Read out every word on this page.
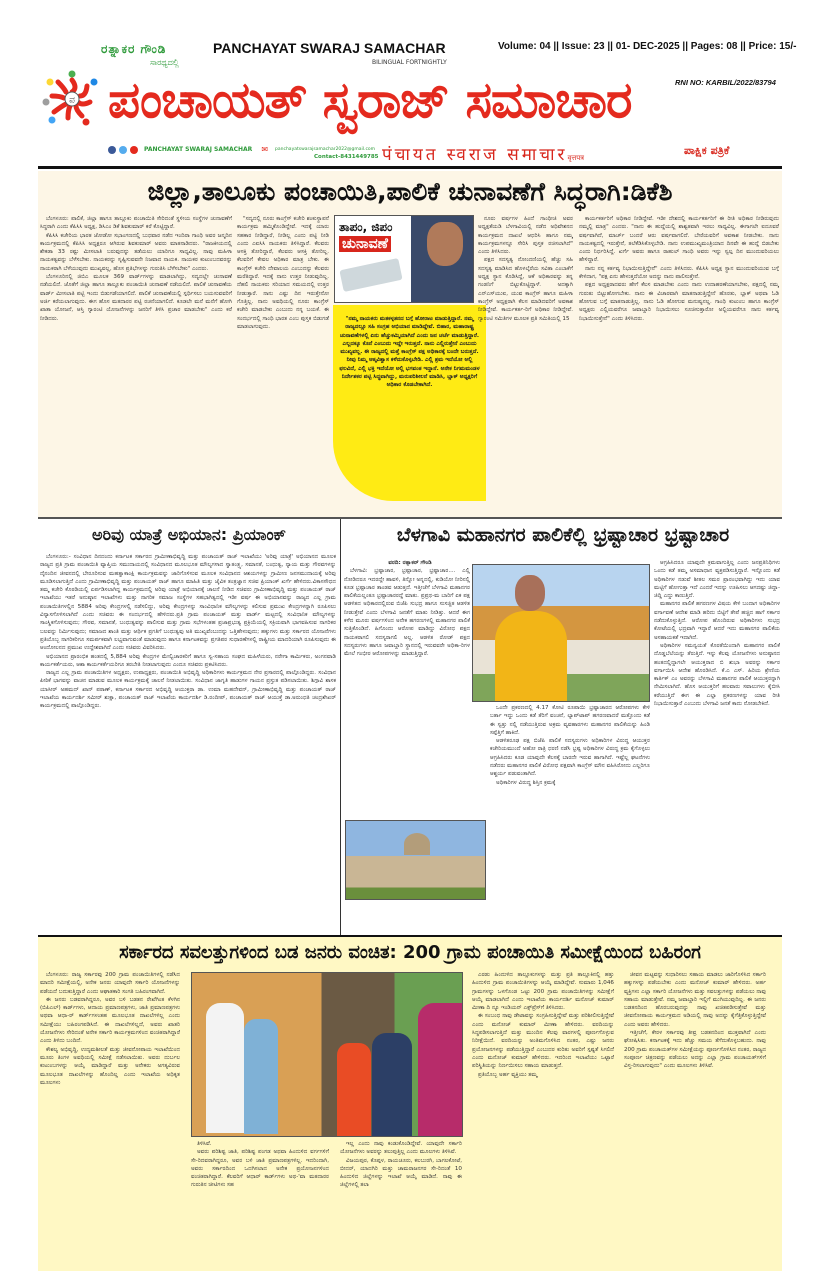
ರತ್ನಾಕರ ಗೌಂಡಿ
ಸಾರಥ್ಯದಲ್ಲಿ
PANCHAYAT SWARAJ SAMACHAR
BILINGUAL FORTNIGHTLY
Volume: 04 || Issue: 23 || 01- DEC-2025 || Pages: 08 || Price: 15/-
RNI NO: KARBIL/2022/83794
ಪ ಪಂಚಾಯತ್ ಸ್ವರಾಜ್ ಸಮಾಚಾರ
PANCHAYAT SWARAJ SAMACHAR ✉ panchayatswarajsamachar2022@gmail.com
Contact-8431449785 पंचायत स्वराज समाचारवृत्तपत्र
ಪಾಕ್ಷಿಕ ಪತ್ರಿಕೆ
ಜಿಲ್ಲಾ,ತಾಲೂಕು ಪಂಚಾಯಿತಿ,ಪಾಲಿಕೆ ಚುನಾವಣೆಗೆ ಸಿದ್ಧರಾಗಿ:ಡಿಕೆಶಿ

ಬೆಂಗಳೂರು: ಪಾಲಿಕೆ, ಜಿಲ್ಲಾ ಹಾಗೂ ತಾಲ್ಲೂಕು ಪಂಚಾಯಿತಿ ಸೇರಿದಂತೆ ಸ್ಥಳೀಯ ಸಂಸ್ಥೆಗಳ ಚುನಾವಣೆಗೆ ಸಿದ್ಧರಾಗಿ ಎಂದು ಕೆಪಿಸಿಸಿ ಅಧ್ಯಕ್ಷ, ಡಿಸಿಎಂ ಡಿಕೆ ಶಿವಕುಮಾರ್ ಕರೆ ಕೊಟ್ಟಿದ್ದಾರೆ.

ಕೆಪಿಸಿಸಿ ಕಚೇರಿಯ ಭಾರತ ಜೋಡೋ ಸಭಾಂಗಣದಲ್ಲಿ ಬುಧವಾರ ನಡೆದ ಇಂದಿರಾ ಗಾಂಧಿ ಅವರ ಜನ್ಮದಿನ ಕಾರ್ಯಕ್ರಮದಲ್ಲಿ ಕೆಪಿಸಿಸಿ ಅಧ್ಯಕ್ಷರೂ ಆಗಿರುವ ಶಿವಕುಮಾರ್ ಅವರು ಮಾತನಾಡಿದರು. "ರಾಜಕೀಯದಲ್ಲಿ ಶೇಕಡಾ 33 ರಷ್ಟು ಮೀಸಲಾತಿ ಬರುವುದನ್ನು ತಡೆಯಲು ಯಾರಿಗೂ ಸಾಧ್ಯವಿಲ್ಲ. ನಾವು ಮಹಿಳಾ ನಾಯಕತ್ವವನ್ನು ಬೆಳೆಸಬೇಕು. ನಾಯಕರನ್ನು ಸೃಷ್ಟಿಸುವವನೇ ನಿಜವಾದ ನಾಯಕ. ನಾಯಕರ ಕುಟುಂಬದವರನ್ನು ನಾಯಕರಾಗಿ ಬೆಳೆಯುವುದು ಮುಖ್ಯವಲ್ಲ, ಹೊಸ ಪ್ರತಿಭೆಗಳನ್ನು ಗುರುತಿಸಿ ಬೆಳೆಸಬೇಕು" ಎಂದರು.

ಬೆಂಗಳೂರಿನಲ್ಲಿ ಜಿಬಿಎ ಮೂಲಕ 369 ವಾರ್ಡ್‌ಗಳನ್ನು ಮಾಡಲಾಗಿದ್ದು, ಸದ್ಯದಲ್ಲೇ ಚುನಾವಣೆ ನಡೆಯಲಿದೆ. ಜೊತೆಗೆ ಜಿಲ್ಲಾ ಹಾಗೂ ತಾಲ್ಲೂಕು ಪಂಚಾಯಿತಿ ಚುನಾವಣೆ ನಡೆಯಲಿದೆ. ಪಾಲಿಕೆ ಚುನಾವಣೆಯ ವಾರ್ಡ್ ಮೀಸಲಾತಿ ಪಟ್ಟಿ ಇಂದು ಬಿಡುಗಡೆಯಾಗಲಿದೆ. ಪಾಲಿಕೆ ಚುನಾವಣೆಯಲ್ಲಿ ಸ್ಪರ್ಧಿಸಲು ಬಯಸುವವರಿಗೆ ಅರ್ಜಿ ಕರೆಯಲಾಗುವುದು. ಈಗ ಹೊಸ ಮತದಾರರ ಪಟ್ಟಿ ರಚನೆಯಾಗಲಿದೆ. ಕೂಡಲೇ ಮನೆ ಮನೆಗೆ ಹೋಗಿ ಖಾತಾ ಯೋಜನೆ, ಆಸ್ತಿ ಗ್ಯಾರಂಟಿ ಯೋಜನೆಗಳನ್ನು ಜನರಿಗೆ ತಿಳಿಸಿ ಪ್ರಚಾರ ಮಾಡಬೇಕು" ಎಂದು ಕರೆ ನೀಡಿದರು.

"ಸದ್ಯದಲ್ಲಿ ನೂರು ಕಾಂಗ್ರೆಸ್ ಕಚೇರಿ ಶಂಕುಸ್ಥಾಪನೆ ಕಾರ್ಯಕ್ರಮ ಹಮ್ಮಿಕೊಂಡಿದ್ದೇವೆ. ಇದಕ್ಕೆ ಯಾರು ಸಹಕಾರ ನೀಡಿದ್ದಾರೆ, ನೀಡಿಲ್ಲ ಎಂದು ಪಟ್ಟಿ ನೀಡಿ ಎಂದು ಎಐಸಿಸಿ ನಾಯಕರು ತಿಳಿಸಿದ್ದಾರೆ. ಕೆಲವರು ಆಸಕ್ತಿ ತೋರಿದ್ದಾರೆ, ಕೆಲವರು ಆಸಕ್ತಿ ತೋರಿಲ್ಲ. ಕೆಲವರಿಗೆ ಕೇವಲ ಅಧಿಕಾರ ಮಾತ್ರ ಬೇಕು. ಈ ಕಾಂಗ್ರೆಸ್ ಕಚೇರಿ ದೇವಾಲಯ ಎಂಬುದನ್ನು ಕೆಲವರು ಮರೆತಿದ್ದಾರೆ. ಇದಕ್ಕೆ ನಾನು ಉತ್ತರ ನೀಡುವುದಿಲ್ಲ. ದೆಹಲಿ ನಾಯಕರು ಸರಿಯಾದ ಸಮಯದಲ್ಲಿ ಉತ್ತರ ನೀಡುತ್ತಾರೆ. ನಾನು ಎಷ್ಟು ದಿನ ಇರುತ್ತೇನೋ ಗೊತ್ತಿಲ್ಲ. ನಾನು ಅವಧಿಯಲ್ಲಿ ನೂರು ಕಾಂಗ್ರೆಸ್ ಕಚೇರಿ ಮಾಡಬೇಕು ಎಂಬುದು ನನ್ನ ಬಯಕೆ. ಈ ಸಂದರ್ಭದಲ್ಲಿ ಗಾಂಧಿ ಭಾರತ ಎಂಬ ಪುಸ್ತಕ ಬಿಡುಗಡೆ ಮಾಡಲಾಗುವುದು.

ತಾಪಂ, ಜಿಪಂ
ಚುನಾವಣೆ
"ನಮ್ಮ ನಾಯಕರು ಮತಕಳ್ಳತನದ ಬಗ್ಗೆ ಹೋರಾಟ ಮಾಡುತ್ತಿದ್ದಾರೆ. ನಮ್ಮ ರಾಜ್ಯದಲ್ಲೂ ಸಹಿ ಸಂಗ್ರಹ ಅಭಿಯಾನ ಮಾಡಿದ್ದೇವೆ. ಬಿಹಾರ, ಮಹಾರಾಷ್ಟ್ರ ಚುನಾವಣೆಗಳಲ್ಲಿ ಏನು ಹೆಚ್ಚುಕಮ್ಮಿಯಾಗಿದೆ ಎಂದು ಜನ ಚರ್ಚೆ ಮಾಡುತ್ತಿದ್ದಾರೆ. ಎಲ್ಲದಕ್ಕೂ ಕೊನೆ ಎಂಬುದು ಇದ್ದೇ ಇರುತ್ತದೆ. ನಾನು ಎಲ್ಲಿರುತ್ತೇನೆ ಎಂಬುದು ಮುಖ್ಯವಲ್ಲ. ಈ ರಾಜ್ಯದಲ್ಲಿ ಮತ್ತೆ ಕಾಂಗ್ರೆಸ್ ಪಕ್ಷ ಅಧಿಕಾರಕ್ಕೆ ಬಂದೇ ಬರುತ್ತದೆ. ನೀವು ನಿಮ್ಮ ಆತ್ಮವಿಶ್ವಾಸ ಕಳೆದುಕೊಳ್ಳಬೇಡಿ. ಎಲ್ಲಿ ಶ್ರಮ ಇದೆಯೋ ಅಲ್ಲಿ ಫಲವಿದೆ, ಎಲ್ಲಿ ಭಕ್ತಿ ಇದೆಯೋ ಅಲ್ಲಿ ಭಗವಂತ ಇದ್ದಾನೆ. ಅನೇಕ ನಿಗಮಮಂಡಳ ನಿರ್ದೇಶಕರ ಪಟ್ಟಿ ಸಿದ್ಧವಾಗಿದ್ದು, ಮರುಪರಿಶೀಲನೆ ಮಾಡಿಸಿ, ಬ್ಲಾಕ್ ಅಧ್ಯಕ್ಷರಿಗೆ ಅಧಿಕಾರ ಕೊಡಬೇಕಾಗಿದೆ.

ನೂರು ವರ್ಷಗಳ ಹಿಂದೆ ಗಾಂಧೀಜಿ ಅವರ ಅಧ್ಯಕ್ಷತೆಯಡಿ ಬೆಳಗಾವಿಯಲ್ಲಿ ನಡೆದ ಅಧಿವೇಶನದ ಕಾರ್ಯಕ್ರಮದ ದಾಖಲೆ ಆಧರಿಸಿ ಹಾಗೂ ನಮ್ಮ ಕಾರ್ಯಕ್ರಮಗಳನ್ನೂ ಸೇರಿಸಿ ಪುಸ್ತಕ ರಚಿಸಲಾಗಿದೆ" ಎಂದು ತಿಳಿಸಿದರು.

ಪಕ್ಷದ ಸದಸ್ಯತ್ವ ನೋಂದಣಿಯಲ್ಲಿ ಹೆಚ್ಚು ಸಹಿ ಸದಸ್ಯತ್ವ ಮಾಡಿಸಿದ ಹೊಳಲ್ಕೆರೆಯ ಸವಿತಾ ಎಂಬಾಕೆಗೆ ಅಧ್ಯಕ್ಷ ಸ್ಥಾನ ಕೊಡಿಸಿದ್ದೆ, ಆಕೆ ಅಧಿಕಾರವನ್ನು ತನ್ನ ಗಂಡನಿಗೆ ಬಿಟ್ಟುಕೊಟ್ಟಿದ್ದಾಳೆ. ಅದಕ್ಕಾಗಿ ಎನ್‌ಎಸ್‌ಯುಐ, ಯುವ ಕಾಂಗ್ರೆಸ್ ಹಾಗೂ ಮಹಿಳಾ ಕಾಂಗ್ರೆಸ್ ಅಧ್ಯಕ್ಷರಾಗಿ ಕೆಲಸ ಮಾಡಿದವರಿಗೆ ಅವಕಾಶ ನೀಡಿದ್ದೇವೆ. ಕಾರ್ಯಕರ್ತ-ರಿಗೆ ಅಧಿಕಾರ ನೀಡಿದ್ದೇವೆ. ಗ್ಯಾರಂಟಿ ಸಮಿತಿಗಳ ಮೂಲಕ ಪ್ರತಿ ಸಮಿತಿಯಲ್ಲಿ 15

ಕಾರ್ಯಕರ್ತರಿಗೆ ಅಧಿಕಾರ ನೀಡಿದ್ದೇವೆ. ಇಡೀ ದೇಶದಲ್ಲಿ ಕಾರ್ಯಕರ್ತರಿಗೆ ಈ ರೀತಿ ಅಧಿಕಾರ ನೀಡಿರುವುದು ನಮ್ಮಲ್ಲಿ ಮಾತ್ರ" ಎಂದರು. "ನಾನು ಈ ಹುದ್ದೆಯಲ್ಲಿ ಶಾಶ್ವತವಾಗಿ ಇರಲು ಸಾಧ್ಯವಿಲ್ಲ. ಈಗಾಗಲೇ ಐದೂವರೆ ವರ್ಷವಾಗಿದೆ, ಮಾರ್ಚ್ ಬಂದರೆ ಆರು ವರ್ಷವಾಗಲಿದೆ. ಬೇರೆಯವರಿಗೆ ಅವಕಾಶ ನೀಡಬೇಕು. ನಾನು ನಾಯಕತ್ವದಲ್ಲಿ ಇರುತ್ತೇನೆ, ತಲೆಕೆಡಿಸಿಕೊಳ್ಳಬೇಡಿ. ನಾನು ಉಪಮುಖ್ಯಮಂತ್ರಿಯಾದ ದಿನವೇ ಈ ಹುದ್ದೆ ಬಿಡಬೇಕು ಎಂದು ನಿರ್ಧರಿಸಿದ್ದೆ. ಖರ್ಗೆ ಅವರು ಹಾಗೂ ರಾಹುಲ್ ಗಾಂಧಿ ಅವರು ಇನ್ನು ಸ್ವಲ್ಪ ದಿನ ಮುಂದುವರಿಯಲು ಹೇಳಿದ್ದಾರೆ.

ನಾನು ನನ್ನ ಕರ್ತವ್ಯ ನಿಭಾಯಿಸುತ್ತಿದ್ದೇನೆ" ಎಂದು ತಿಳಿಸಿದರು. ಕೆಪಿಸಿಸಿ ಅಧ್ಯಕ್ಷ ಸ್ಥಾನ ಮುಂದುವರಿಯುವ ಬಗ್ಗೆ ಕೇಳಿದಾಗ, "ಪಕ್ಷ ಏನು ಹೇಳುತ್ತದೆಯೋ ಅದನ್ನು ನಾನು ಪಾಲಿಸುತ್ತೇನೆ.

ಪಕ್ಷದ ಅಧ್ಯಕ್ಷರಾದವರು ಹೇಗೆ ಕೆಲಸ ಮಾಡಬೇಕು ಎಂದು ನಾನು ಉದಾಹರಣೆಯಾಗಬೇಕು, ಪಕ್ಷದಲ್ಲಿ ನಮ್ಮ ಗುರುತು ಬಿಟ್ಟುಹೋಗಬೇಕು. ನಾನು ಈ ವಿಚಾರವಾಗಿ ಮಾತನಾಡುತ್ತಿದ್ದೇನೆ ಹೊರತು, ಬ್ಲಾಕ್ ಅಥವಾ ಓಡಿ ಹೋಗುವ ಬಗ್ಗೆ ಮಾತನಾಡುತ್ತಿಲ್ಲ. ನಾನು ಓಡಿ ಹೋಗುವ ಮನುಷ್ಯನಲ್ಲ. ಗಾಂಧಿ ಕುಟುಂಬ ಹಾಗೂ ಕಾಂಗ್ರೆಸ್ ಅಧ್ಯಕ್ಷರು ಎಲ್ಲಿಯವರೆಗೂ ಜವಾಬ್ದಾರಿ ನಿಭಾಯಿಸಲು ಸೂಚಿಸುತ್ತಾರೋ ಅಲ್ಲಿಯವರೆಗೂ ನಾನು ಕರ್ತವ್ಯ ನಿಭಾಯಿಸುತ್ತೇನೆ" ಎಂದು ತಿಳಿಸಿದರು.

ಅರಿವು ಯಾತ್ರೆ ಅಭಿಯಾನ: ಪ್ರಿಯಾಂಕ್

ಬೆಂಗಳೂರು:- ಸಂವಿಧಾನ ದಿನದಂದು ಕರ್ನಾಟಕ ಸರ್ಕಾರದ ಗ್ರಾಮೀಣಾಭಿವೃದ್ಧಿ ಮತ್ತು ಪಂಚಾಯತ್ ರಾಜ್ ಇಲಾಖೆಯು 'ಅರಿವು ಯಾತ್ರೆ' ಅಭಿಯಾನದ ಮೂಲಕ ರಾಜ್ಯದ ಪ್ರತಿ ಗ್ರಾಮ ಪಂಚಾಯಿತಿ ವ್ಯಾಪ್ತಿಯ ಸಮುದಾಯದಲ್ಲಿ ಸಂವಿಧಾನದ ಮೂಲಭೂತ ಮೌಲ್ಯಗಳಾದ ಸ್ವಾತಂತ್ರ್ಯ, ಸಮಾನತೆ, ಬಂಧುತ್ವ, ನ್ಯಾಯ ಮತ್ತು ಗೌರವಗಳನ್ನು ದೈನಂದಿನ ಜೀವನದಲ್ಲಿ ಬೇರೂರಿಸುವ ಮಹತ್ವಾಕಾಂಕ್ಷಿ ಕಾರ್ಯಕ್ರಮವನ್ನು ಜಾರಿಗೊಳಿಸುವ ಮೂಲಕ ಸಂವಿಧಾನದ ಆಶಯಗಳನ್ನು ಗ್ರಾಮೀಣ ಜನಸಮುದಾಯಕ್ಕೆ ಅರಿವು ಮೂಡಿಸಲಾಗುತ್ತಿದೆ ಎಂದು ಗ್ರಾಮೀಣಾಭಿವೃದ್ಧಿ ಮತ್ತು ಪಂಚಾಯತ್ ರಾಜ್ ಹಾಗೂ ಮಾಹಿತಿ ಮತ್ತು ಜೈವಿಕ ತಂತ್ರಜ್ಞಾನ ಸಚಿವ ಪ್ರಿಯಾಂಕ್ ಖರ್ಗೆ ಹೇಳಿದರು.ವಿಕಾಸಸೌಧದ ತಮ್ಮ ಕಚೇರಿ ಕೊಠಡಿಯಲ್ಲಿ ಏರ್ಪಡಿಸಲಾಗಿದ್ದ ಕಾರ್ಯಕ್ರಮದಲ್ಲಿ ಅರಿವು ಯಾತ್ರೆ ಅಭಿಯಾನಕ್ಕೆ ಚಾಲನೆ ನೀಡಿದ ಸಚಿವರು ಗ್ರಾಮೀಣಾಭಿವೃದ್ಧಿ ಮತ್ತು ಪಂಚಾಯತ್ ರಾಜ್ ಇಲಾಖೆಯು ಇತರೆ ಅನುಷ್ಠಾನ ಇಲಾಖೆಗಳು ಮತ್ತು ನಾಗರಿಕ ಸಮಾಜ ಸಂಸ್ಥೆಗಳ ಸಹಭಾಗಿತ್ವದಲ್ಲಿ ಇಡೀ ವರ್ಷ ಈ ಅಭಿಯಾನವನ್ನು ರಾಜ್ಯದ ಎಲ್ಲ ಗ್ರಾಮ ಪಂಚಾಯಿತಿಗಳಲ್ಲಿನ 5884 ಅರಿವು ಕೇಂದ್ರಗಳಲ್ಲಿ ನಡೆಸಲಿದ್ದು, ಅರಿವು ಕೇಂದ್ರಗಳನ್ನು ಸಾಂವಿಧಾನಿಕ ಮೌಲ್ಯಗಳನ್ನು ಕಲಿಸುವ ಪ್ರಮುಖ ಕೇಂದ್ರಗಳನ್ನಾಗಿ ರೂಪಿಸಲು ವಿನ್ಯಾಸಗೊಳಿಸಲಾಗಿದೆ ಎಂದು ಸಚಿವರು ಈ ಸಂದರ್ಭದಲ್ಲಿ ಹೇಳಿದರು.ಪ್ರತಿ ಗ್ರಾಮ ಪಂಚಾಯತ್ ಮತ್ತು ವಾರ್ಡ್ ಮಟ್ಟದಲ್ಲಿ ಸಂವಿಧಾನಿಕ ಮೌಲ್ಯಗಳನ್ನು ಸಾಂಸ್ಥಿಕಗೊಳಿಸುವುದು; ಗೌರವ, ಸಮಾನತೆ, ಬಂಧುತ್ವವನ್ನು ಪಾಲಿಸುವ ಮತ್ತು ಗ್ರಾಮ ಸಭೆಗಳಂತಹ ಪ್ರಜಾಪ್ರಭುತ್ವ ಪ್ರಕ್ರಿಯೆಯಲ್ಲಿ ಸಕ್ರಿಯವಾಗಿ ಭಾಗವಹಿಸುವ ನಾಗರಿಕರ ಬಲವನ್ನು ನಿರ್ಮಿಸುವುದು; ಸಮಾಜದ ಶಾಂತಿ ಮತ್ತು ಆರ್ಥಿಕ ಪ್ರಗತಿಗೆ ಬಂಧುತ್ವವು ಅತಿ ಮುಖ್ಯವೆಂಬುದನ್ನು ಒತ್ತಿಹೇಳುವುದು; ಹಕ್ಕುಗಳು ಮತ್ತು ಸರ್ಕಾರದ ಯೋಜನೆಗಳು ಪ್ರತಿಯೊಬ್ಬ ನಾಗರಿಕರಿಗೂ ಸಮರ್ಪಕವಾಗಿ ಲಭ್ಯವಾಗುವಂತೆ ಮಾಡುವುದು ಹಾಗೂ ಕರ್ನಾಟಕವನ್ನು ಪ್ರಗತಿಪರ ಸುಧಾರಣೆಗಳಲ್ಲಿ ರಾಷ್ಟ್ರೀಯ ಮಾದರಿಯಾಗಿ ರೂಪಿಸುವುದು ಈ ಆಂದೋಲನದ ಪ್ರಮುಖ ಉದ್ದೇಶವಾಗಿದೆ ಎಂದು ಸಚಿವರು ವಿವರಿಸಿದರು.

ಅಭಿಯಾನದ ಪ್ರಾರಂಭಿಕ ಹಂತದಲ್ಲಿ 5,884 ಅರಿವು ಕೇಂದ್ರಗಳ ಮೇಲ್ವಿಚಾರಕರಿಗೆ ಹಾಗೂ ಸ್ವ-ಸಹಾಯ ಸಂಘದ ಮಹಿಳೆಯರು, ನರೇಗಾ ಕಾರ್ಮಿಕರು, ಅಂಗನವಾಡಿ ಕಾರ್ಯಕರ್ತೆಯರು, ಆಶಾ ಕಾರ್ಯಕರ್ತೆಯರಿಗೂ ತರಬೇತಿ ನೀಡಲಾಗುವುದು ಎಂದೂ ಸಚಿವರು ಪ್ರಕಟಿಸಿದರು.

ರಾಜ್ಯದ ಎಲ್ಲ ಗ್ರಾಮ ಪಂಚಾಯಿತಿಗಳ ಅಧ್ಯಕ್ಷರು, ಉಪಾಧ್ಯಕ್ಷರು, ಪಂಚಾಯಿತಿ ಅಭಿವೃದ್ಧಿ ಅಧಿಕಾರಿಗಳು ಕಾರ್ಯಕ್ರಮದ ನೇರ ಪ್ರಸಾರದಲ್ಲಿ ಪಾಲ್ಗೊಂಡಿದ್ದರು. ಸಂವಿಧಾನ ಪೀಠಿಕೆ ಭಾಗವನ್ನು ವಾಚನ ಮಾಡುವ ಮೂಲಕ ಕಾರ್ಯಕ್ರಮಕ್ಕೆ ಚಾಲನೆ ನೀಡಲಾಯಿತು. ಸಂವಿಧಾನ ಜಾಗೃತಿ ಹಾಡುಗಳ ಗಾಯನ ಪ್ರಸ್ತುತ ಪಡಿಸಲಾಯಿತು. ಶಿಗ್ಗಾವಿ ಶಾಸಕ ಯಾಸೀರ್ ಅಹಮದ್ ಖಾನ್ ಪಠಾಣ್, ಕರ್ನಾಟಕ ಸರ್ಕಾರದ ಅಭಿವೃದ್ಧಿ ಆಯುಕ್ತರಾ ಡಾ. ಉಮಾ ಮಹದೇವನ್, ಗ್ರಾಮೀಣಾಭಿವೃದ್ಧಿ ಮತ್ತು ಪಂಚಾಯತ್ ರಾಜ್ ಇಲಾಖೆಯ ಕಾರ್ಯದರ್ಶಿ ಸಮೀರ್ ಶುಕ್ಲಾ, ಪಂಚಾಯತ್ ರಾಜ್ ಇಲಾಖೆಯ ಕಾರ್ಯದರ್ಶಿ ಡಿ.ರಂದೀಪ್, ಪಂಚಾಯತ್ ರಾಜ್ ಆಯುಕ್ತೆ ಡಾ.ಅರುಂಧತಿ ಚಂದ್ರಶೇಖರ್ ಕಾರ್ಯಕ್ರಮದಲ್ಲಿ ಪಾಲ್ಗೊಂಡಿದ್ದರು.

ಬೆಳಗಾವಿ ಮಹಾನಗರ ಪಾಲಿಕೆಲ್ಲಿ ಭ್ರಷ್ಟಾಚಾರ ಭ್ರಷ್ಟಾಚಾರ

ವರದಿ: ರತ್ನಾಕರ್ ಗೌಂಡಿ

ಬೆಳಗಾವಿ: ಭ್ರಷ್ಟಾಚಾರ, ಭ್ರಷ್ಟಾಚಾರ, ಭ್ರಷ್ಟಾಚಾರ.... ಎಲ್ಲಿ ನೋಡಿದರೂ ಇದರದ್ದೇ ಹಾವಳಿ, ತಿನ್ನೋ ಅನ್ನದಲ್ಲಿ, ಕುಡಿಯೋ ನೀರಿನಲ್ಲಿ ಕೂಡ ಭ್ರಷ್ಟಾಚಾರ ತಾಂಡವ ಆಡುತ್ತದೆ. ಇತ್ತೀಚೆಗೆ ಬೆಳಗಾವಿ ಮಹಾನಗರ ಪಾಲಿಕೆಯಲ್ಲಂತೂ ಭ್ರಷ್ಟಾಚಾರರದ್ದೆ ಮಾತು. ಪ್ರಪ್ರಥ-ಮ ಬಾರಿಗೆ ಏಕ ಪಕ್ಷ ಆಡಳಿತದ ಅಧಿಕಾರದಲ್ಲಿರುವ ಬಿಜೆಪಿ ಸುಭದ್ರ ಹಾಗೂ ಸುಸಜ್ಜಿತ ಆಡಳಿತ ನೀಡುತ್ತೇವೆ ಎಂದು ಬೆಳಗಾವಿ ಜನತೆಗೆ ಮಾತು ನೀಡಿತ್ತು. ಆದರೆ ಈಗ ಕಳೆದ ಮೂರು ವರ್ಷಗಳಿಂದ ಅನೇಕ ಹಗರಣಗಳಲ್ಲಿ ಮಹಾನಗರ ಪಾಲಿಕೆ ಸುತ್ತಿಕೊಂಡಿದೆ. ಹಿಗೊಂದು ಆರೋಪ ಮಾಡಿದ್ದು ವಿರೋಧ ಪಕ್ಷದ ನಾಯಕರಾಗಲಿ ಸದಸ್ಯರಾಗಲಿ ಅಲ್ಲ. ಆಡಳಿತ ರೋಡ್ ಪಕ್ಷದ ಸದಸ್ಯರುಗಳು ಹಾಗೂ ಜವಾಬ್ದಾರಿ ಸ್ಥಾನದಲ್ಲಿ ಇರುವವರೇ ಅಧಿಕಾ-ರಿಗಳ ಮೇಲೆ ಗಂಭೀರ ಆರೋಪಗಳನ್ನು ಮಾಡುತ್ತಿದ್ದಾರೆ.

ಒಂದೇ ಪ್ರಕರಣದಲ್ಲಿ 4.17 ಕೋಟಿ ರೂಪಾಯಿ ಭ್ರಷ್ಟಾಚಾರದ ಆರೋಪಗಳು ಕೇಳಿ ಬರ್ತಾ ಇದ್ದು ಒಂದು ಕಡೆ ತೆರಿಗೆ ವಂಚನೆ, ಲ್ಯಾಪ್‌ಟಾಪ್ ಹಗರಣವಾದರೆ ಮತ್ತೊಂದು ಕಡೆ ಈ ಸ್ವತ್ತು ನಲ್ಲಿ ನಡೆಯುತ್ತಿರುವ ಅಕ್ರಮ ವ್ಯವಹಾರಗಳು ಮಹಾನಗರ ಪಾಲಿಕೆಯನ್ನು ಹಿಂಡಿ ಸಪ್ಪೆತ್ತಿಗೆ ಹಾಕಿದೆ.

ಆಡಳಿತರೂಢ ಪಕ್ಷ ಬಿಜೆಪಿ ಪಾಲಿಕೆ ಸದಸ್ಯರುಗಳು ಅಧಿಕಾರಿಗಳ ವಿರುದ್ಧ ಆಯುಕ್ತರ ಕಚೇರಿಯಮುಂದೆ ಅಹೋ ರಾತ್ರಿ ಧರಣಿ ನಡೆಸಿ ಭ್ರಷ್ಟ ಅಧಿಕಾರಿಗಳ ವಿರುದ್ಧ ಕ್ರಮ ಕೈಗೊಳ್ಳಲು ಆಗ್ರಹಿಸಿದರು ಕೂಡ ಯಾವುದೇ ಕೆಲಸಕ್ಕೆ ಬಾರದೇ ಇರುವ ಹಾಗಾಗಿದೆ. ಇಷ್ಟೆಲ್ಲ ಘಟನೆಗಳು ನಡೆದರು ಮಹಾನಗರ ಪಾಲಿಕೆ ವಿರೋಧ ಪಕ್ಷವಾಗಿ ಕಾಂಗ್ರೆಸ್ ಮೌನ ವಹಿಸಿರೋದು ಎಲ್ಲರಿಗೂ ಆಶ್ಚರ್ಯ ಪಡುವಂತಾಗಿದೆ.

ಅಧಿಕಾರಿಗಳ ವಿರುದ್ಧ ಶಿಸ್ತಿನ ಕ್ರಮಕ್ಕೆ

ಆಗ್ರಹಿಸಿದರೂ ಯಾವುದೇ ಕ್ರಮವಾಗುತ್ತಿಲ್ಲ ಎಂದು ಜನಪ್ರತಿನಿಧಿಗಳು ಒಂದು ಕಡೆ ತಮ್ಮ ಅಸಮಾಧಾನ ವ್ಯಕ್ತಪಡಿಸುತ್ತಿದ್ದಾರೆ. ಇನ್ನೊಂದು ಕಡೆ ಅಧಿಕಾರಿಗಳ ನಡುವೆ ಶೀತಲ ಸಮರ ಪ್ರಾರಂಭವಾಗಿದ್ದು ಇದು ಯಾವ ಮಟ್ಟಿಗೆ ಹೋಗುತ್ತಾ ಇದೆ ಎಂದರೆ ಇದನ್ನು ಊಹಿಸಲು ಆಗದಷ್ಟು ಜಿದ್ದಾ- ಜಿದ್ದಿ ಎದ್ದು ಕಾಣುತ್ತಿದೆ.

ಮಹಾನಗರ ಪಾಲಿಕೆ ಹಗರಣಗಳ ವಿಷಯ ಕೇಳಿ ಬಂದಾಗ ಅಧಿಕಾರಿಗಳ ವರ್ಗಾವಣೆ ಆದೇಶ ಮಾಡಿ ಹರಿದು ಬಿಟ್ಟಿಗೆ ತೇಪೆ ಹಚ್ಚಿದ ಹಾಗೆ ಸರ್ಕಾರ ನಡೆದುಕೊಳ್ಳುತ್ತಿದೆ. ಆರೋಪ ಹೊಂದಿರುವ ಅಧಿಕಾರಿಗಳು ಸುಭದ್ರ ಕೋಟೆಯಲ್ಲಿ ಭದ್ರವಾಗಿ ಇದ್ದಾರೆ ಆದರೆ ಇದು ಮಹಾನಗರ ಪಾಲಿಕೆಯ ಅಸಹಾಯಕತೆ ಇದಾಗಿದೆ.

ಅಧಿಕಾರಿಗಳ ಸಮನ್ವಯತೆ ಕೊರತೆಯಿಂದಾಗಿ ಮಹಾನಗರ ಪಾಲಿಕೆ ದೊಡ್ಡಬೆಲೆಯನ್ನು ತೆರುತ್ತಿದೆ. ಇನ್ನು ಕೆಲವು ಯೋಜನೆಗಳು ಅನುಷ್ಠಾನದ ಹಂತದಲ್ಲಿದ್ದಾಗಲೇ ಆಯುಕ್ತರಾದ ಬಿ ಶುಭಾ ಅವರನ್ನು ಸರ್ಕಾರ ವರ್ಗಾಯಿಸಿ ಆದೇಶ ಹೊರಡಿಸಿದೆ. ಕೆ.ಎ ಎಸ್. ಹಿರಿಯ ಶ್ರೇಣಿಯ ಕಾರ್ತಿಕ್ ಎಂ ಅವರನ್ನು ಬೆಳಗಾವಿ ಮಹಾನಗರ ಪಾಲಿಕೆ ಆಯುಕ್ತರನ್ನಾಗಿ ನೇಮಿಸಲಾಗಿದೆ. ಹೊಸ ಆಯುಕ್ತರಿಗೆ ಹಲವಾರು ಸವಾಲುಗಳು ಕೈಬೀಸಿ ಕರೆಯುತ್ತಿದೆ ಈಗ ಈ ಎಲ್ಲಾ ಪ್ರಕರಣಗಳನ್ನು ಯಾವ ರೀತಿ ನಿಭಾಯಿಸುತ್ತಾರೆ ಎಂಬುದು ಬೆಳಗಾವಿ ಜನತೆ ಕಾದು ನೋಡಬೇಕಿದೆ.

ಸರ್ಕಾರದ ಸವಲತ್ತುಗಳಿಂದ ಬಡ ಜನರು ವಂಚಿತ: 200 ಗ್ರಾಮ ಪಂಚಾಯಿತಿ ಸಮೀಕ್ಷೆಯಿಂದ ಬಹಿರಂಗ

ಬೆಂಗಳೂರು: ರಾಜ್ಯ ಸರ್ಕಾರವು 200 ಗ್ರಾಮ ಪಂಚಾಯಿತಿಗಳಲ್ಲಿ ನಡೆಸಿದ ಮಾದರಿ ಸಮೀಕ್ಷೆಯಲ್ಲಿ, ಅನೇಕ ಜನರು ಯಾವುದೇ ಸರ್ಕಾರಿ ಯೋಜನೆಗಳನ್ನು ಪಡೆಯದೆ ಬದುಕುತ್ತಿದ್ದಾರೆ ಎಂದು ಆಘಾತಕಾರಿ ಸಂಗತಿ ಬಹಿರಂಗವಾಗಿದೆ.

ಈ ಜನರು ಬಡವರಾಗಿದ್ದರೂ, ಅವರ ಬಳಿ ಬಡತನ ರೇಖೆಗಿಂತ ಕೆಳಗಿನ (ಬಿಪಿಎಲ್) ಕಾರ್ಡ್‌ಗಳು, ಆದಾಯ ಪ್ರಮಾಣಪತ್ರಗಳು, ಜಾತಿ ಪ್ರಮಾಣಪತ್ರಗಳು ಅಥವಾ ಆಧಾ-ರ್ ಕಾರ್ಡ್‌ಗಳಂತಹ ಮೂಲಭೂತ ದಾಖಲೆಗಳಿಲ್ಲ ಎಂದು ಸಮೀಕ್ಷೆಯು ಬಹಿರಂಗಪಡಿಸಿದೆ. ಈ ದಾಖಲೆಗಳಿಲ್ಲದೆ, ಅವರು ಖಾತರಿ ಯೋಜನೆಗಳು ಸೇರಿದಂತೆ ಅನೇಕ ಸರ್ಕಾರಿ ಕಾರ್ಯಕ್ರಮಗಳಿಂದ ವಂಚಿತರಾಗಿದ್ದಾರೆ ಎಂದು ತಿಳಿದು ಬಂದಿದೆ.

ಕೌಶಲ್ಯ ಅಭಿವೃದ್ಧಿ, ಉದ್ಯಮಶೀಲತೆ ಮತ್ತು ಜೀವನೋಪಾಯ ಇಲಾಖೆಯಿಂದ ಮೂರು ತಿಂಗಳ ಅವಧಿಯಲ್ಲಿ ಸಮೀಕ್ಷೆ ನಡೆಸಲಾಯಿತು. ಅವರು ದುರ್ಬಲ ಕುಟುಂಬಗಳನ್ನು ಆಯ್ಕೆ ಮಾಡಿದ್ದಾರೆ ಮತ್ತು ಅನೇಕರು ಅಗತ್ಯವಿರುವ ಮೂಲಭೂತ ದಾಖಲೆಗಳನ್ನು ಹೊಂದಿಲ್ಲ ಎಂದು ಇಲಾಖೆಯ ಅಧಿಕೃತ ಮೂಲಗಳು

ತಿಳಿಸಿವೆ.

ಅವರು ಪರಿಶಿಷ್ಟ ಜಾತಿ, ಪರಿಶಿಷ್ಟ ಪಂಗಡ ಅಥವಾ ಹಿಂದುಳಿದ ವರ್ಗಗಳಿಗೆ ಸೇ-ರಿದವರಾಗಿದ್ದರೂ, ಅವರ ಬಳಿ ಜಾತಿ ಪ್ರಮಾಣಪತ್ರಗಳಿಲ್ಲ. ಇದರಿಂದಾಗಿ, ಅವರು ಸರ್ಕಾರದಿಂದ ಒದಗಿಸಲಾದ ಅನೇಕ ಪ್ರಯೋಜನಗಳಿಂದ ವಂಚಿತರಾಗಿದ್ದಾರೆ. ಕೆಲವರಿಗೆ ಆಧಾರ್ ಕಾರ್ಡ್‌ಗಳು ಅಥ-'ವಾ ಮತದಾರರ ಗುರುತಿನ ಚೀಟಿಗಳು ಸಹ

ಇಲ್ಲ ಎಂದು ನಾವು ಕಂಡುಕೊಂಡಿದ್ದೇವೆ. ಯಾವುದೇ ಸರ್ಕಾರಿ ಯೋಜನೆಗಳು ಅವರನ್ನು ತಲುಪುತ್ತಿಲ್ಲ ಎಂದು ಮೂಲಗಳು ತಿಳಿಸಿವೆ.

ವಿಜಯಪುರ, ಕೊಪ್ಪಳ, ರಾಯಚೂರು, ಕಲಬುರಗಿ, ಬಾಗಲಕೋಟೆ, ಬೀದರ್, ಯಾದಗಿರಿ ಮತ್ತು ಚಾಮರಾಜನಗರ ಸೇ-ರಿದಂತೆ 10 ಹಿಂದುಳಿದ ಜಿಲ್ಲೆಗಳನ್ನು ಇಲಾಖೆ ಆಯ್ಕೆ ಮಾಡಿದೆ. ನಾವು ಈ ಜಿಲ್ಲೆಗಳಲ್ಲಿ ತಲಾ

ಎರಡು ಹಿಂದುಳಿದ ತಾಲ್ಲೂಕುಗಳನ್ನು ಮತ್ತು ಪ್ರತಿ ತಾಲ್ಲೂಕಿನಲ್ಲಿ ಹತ್ತು ಹಿಂದುಳಿದ ಗ್ರಾಮ ಪಂಚಾಯಿತಿಗಳನ್ನು ಆಯ್ಕೆ ಮಾಡಿದ್ದೇವೆ. ಸುಮಾರು 1,046 ಗ್ರಾಮಗಳನ್ನು ಒಳಗೊಂಡ ಒಟ್ಟು 200 ಗ್ರಾಮ ಪಂಚಾಯಿತಿಗಳನ್ನು ಸಮೀಕ್ಷೆಗೆ ಆಯ್ಕೆ ಮಾಡಲಾಗಿದೆ ಎಂದು ಇಲಾಖೆಯ ಕಾರ್ಯದರ್ಶಿ ಮನೋಜ್ ಕುಮಾರ್ ಮೀಣಾ ದಿ ನ್ಯೂ ಇಂಡಿಯನ್ ಎಕ್ಸ್‌ಪ್ರೆಸ್‌ಗೆ ತಿಳಿಸಿದರು.

ಈ ಸಂಬಂಧ ನಾವು ಡೇಟಾವನ್ನು ಸಂಗ್ರಹಿಸುತ್ತಿದ್ದೇವೆ ಮತ್ತು ಪರಿಶೀಲಿಸುತ್ತಿದ್ದೇವೆ ಎಂದು ಮನೋಜ್ ಕುಮಾರ್ ಮೀಣಾ ಹೇಳಿದರು. ವರದಿಯನ್ನು ಸಿದ್ಧಪಡಿಸಲಾಗುತ್ತಿದೆ ಮತ್ತು ಮುಂದಿನ ಕೆಲವು ವಾರಗಳಲ್ಲಿ ಪೂರ್ಣಗೊಳ್ಳುವ ನಿರೀಕ್ಷೆಯಿದೆ. ವರದಿಯನ್ನು ಅಂತಿಮಗೊಳಿಸಿದ ನಂತರ, ಎಷ್ಟು ಜನರು ಪ್ರಯೋಜನಗಳನ್ನು ಪಡೆಯುತ್ತಿದ್ದಾರೆ ಎಂಬುದರ ಕುರಿತು ಅವರಿಗೆ ಸ್ಪಷ್ಟತೆ ಸಿಗಲಿದೆ ಎಂದು ಮನೋಜ್ ಕುಮಾರ್ ಹೇಳಿದರು. ಇದರಿಂದ ಇಲಾಖೆಯು ಒಟ್ಟಾರೆ ಪರಿಸ್ಥಿತಿಯನ್ನು ನಿರ್ಣಯಿಸಲು ಸಹಾಯ ಮಾಡುತ್ತದೆ.

ಪ್ರತಿಯೊಬ್ಬ ಅರ್ಹ ವ್ಯಕ್ತಿಯು ತಮ್ಮ

ಜೀವನ ಮಟ್ಟವನ್ನು ಸುಧಾರಿಸಲು ಸಹಾಯ ಮಾಡಲು ಜಾರಿಗೊಳಿಸಿದ ಸರ್ಕಾರಿ ಹಕ್ಕುಗಳನ್ನು ಪಡೆಯಬೇಕು ಎಂದು ಮನೋಜ್ ಕುಮಾರ್ ಹೇಳಿದರು. ಅರ್ಹ ವ್ಯಕ್ತಿಗಳು ಎಲ್ಲಾ ಸರ್ಕಾರಿ ಯೋಜನೆಗಳು ಮತ್ತು ಸವಲತ್ತುಗಳನ್ನು ಪಡೆಯಲು ನಾವು ಸಹಾಯ ಮಾಡುತ್ತೇವೆ. ನಮ್ಮ ಜವಾಬ್ದಾರಿ ಇಲ್ಲಿಗೆ ಮುಗಿಯುವುದಿಲ್ಲ. ಈ ಜನರು ಬಡತನದಿಂದ ಹೊರಬರುವುದನ್ನು ನಾವು ಖಚಿತಪಡಿಸುತ್ತೇವೆ ಮತ್ತು ಜೀವನೋಪಾಯ ಕಾರ್ಯಕ್ರಮದ ಅಡಿಯಲ್ಲಿ ನಾವು ಅದನ್ನು ಕೈಗೆತ್ತಿಕೊಳ್ಳುತ್ತಿದ್ದೇವೆ ಎಂದು ಅವರು ಹೇಳಿದರು.

ಇತ್ತೀಚೆಗೆ, ಕೇರಳ ಸರ್ಕಾರವು ತೀವ್ರ ಬಡತನದಿಂದ ಮುಕ್ತವಾಗಿದೆ ಎಂದು ಘೋಷಿಸಿತು. ಕರ್ನಾಟಕಕ್ಕೆ ಇದು ಹೆಚ್ಚು ಸಮಯ ತೆಗೆದುಕೊಳ್ಳಬಹುದು. ನಾವು 200 ಗ್ರಾಮ ಪಂಚಾಯತ್‌ಗಳ ಸಮೀಕ್ಷೆಯನ್ನು ಪೂರ್ಣಗೊಳಿಸಿದ ನಂತರ, ರಾಜ್ಯದ ಸಂಪೂರ್ಣ ಚಿತ್ರಣವನ್ನು ಪಡೆಯಲು ಅದನ್ನು ಎಲ್ಲಾ ಗ್ರಾಮ ಪಂಚಾಯತ್‌ಗಳಿಗೆ ವಿಸ್ತ-ರಿಸಲಾಗುವುದು" ಎಂದು ಮೂಲಗಳು ತಿಳಿಸಿವೆ.
